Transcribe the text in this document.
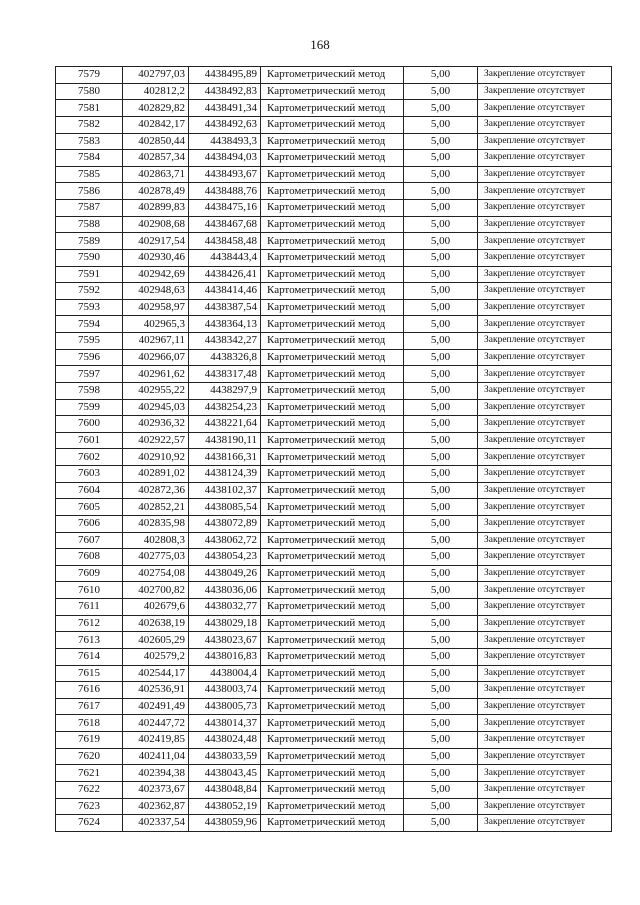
168
7579	402797,03	4438495,89	Картометрический метод	5,00	Закрепление отсутствует
7580	402812,2	4438492,83	Картометрический метод	5,00	Закрепление отсутствует
7581	402829,82	4438491,34	Картометрический метод	5,00	Закрепление отсутствует
7582	402842,17	4438492,63	Картометрический метод	5,00	Закрепление отсутствует
7583	402850,44	4438493,3	Картометрический метод	5,00	Закрепление отсутствует
7584	402857,34	4438494,03	Картометрический метод	5,00	Закрепление отсутствует
7585	402863,71	4438493,67	Картометрический метод	5,00	Закрепление отсутствует
7586	402878,49	4438488,76	Картометрический метод	5,00	Закрепление отсутствует
7587	402899,83	4438475,16	Картометрический метод	5,00	Закрепление отсутствует
7588	402908,68	4438467,68	Картометрический метод	5,00	Закрепление отсутствует
7589	402917,54	4438458,48	Картометрический метод	5,00	Закрепление отсутствует
7590	402930,46	4438443,4	Картометрический метод	5,00	Закрепление отсутствует
7591	402942,69	4438426,41	Картометрический метод	5,00	Закрепление отсутствует
7592	402948,63	4438414,46	Картометрический метод	5,00	Закрепление отсутствует
7593	402958,97	4438387,54	Картометрический метод	5,00	Закрепление отсутствует
7594	402965,3	4438364,13	Картометрический метод	5,00	Закрепление отсутствует
7595	402967,11	4438342,27	Картометрический метод	5,00	Закрепление отсутствует
7596	402966,07	4438326,8	Картометрический метод	5,00	Закрепление отсутствует
7597	402961,62	4438317,48	Картометрический метод	5,00	Закрепление отсутствует
7598	402955,22	4438297,9	Картометрический метод	5,00	Закрепление отсутствует
7599	402945,03	4438254,23	Картометрический метод	5,00	Закрепление отсутствует
7600	402936,32	4438221,64	Картометрический метод	5,00	Закрепление отсутствует
7601	402922,57	4438190,11	Картометрический метод	5,00	Закрепление отсутствует
7602	402910,92	4438166,31	Картометрический метод	5,00	Закрепление отсутствует
7603	402891,02	4438124,39	Картометрический метод	5,00	Закрепление отсутствует
7604	402872,36	4438102,37	Картометрический метод	5,00	Закрепление отсутствует
7605	402852,21	4438085,54	Картометрический метод	5,00	Закрепление отсутствует
7606	402835,98	4438072,89	Картометрический метод	5,00	Закрепление отсутствует
7607	402808,3	4438062,72	Картометрический метод	5,00	Закрепление отсутствует
7608	402775,03	4438054,23	Картометрический метод	5,00	Закрепление отсутствует
7609	402754,08	4438049,26	Картометрический метод	5,00	Закрепление отсутствует
7610	402700,82	4438036,06	Картометрический метод	5,00	Закрепление отсутствует
7611	402679,6	4438032,77	Картометрический метод	5,00	Закрепление отсутствует
7612	402638,19	4438029,18	Картометрический метод	5,00	Закрепление отсутствует
7613	402605,29	4438023,67	Картометрический метод	5,00	Закрепление отсутствует
7614	402579,2	4438016,83	Картометрический метод	5,00	Закрепление отсутствует
7615	402544,17	4438004,4	Картометрический метод	5,00	Закрепление отсутствует
7616	402536,91	4438003,74	Картометрический метод	5,00	Закрепление отсутствует
7617	402491,49	4438005,73	Картометрический метод	5,00	Закрепление отсутствует
7618	402447,72	4438014,37	Картометрический метод	5,00	Закрепление отсутствует
7619	402419,85	4438024,48	Картометрический метод	5,00	Закрепление отсутствует
7620	402411,04	4438033,59	Картометрический метод	5,00	Закрепление отсутствует
7621	402394,38	4438043,45	Картометрический метод	5,00	Закрепление отсутствует
7622	402373,67	4438048,84	Картометрический метод	5,00	Закрепление отсутствует
7623	402362,87	4438052,19	Картометрический метод	5,00	Закрепление отсутствует
7624	402337,54	4438059,96	Картометрический метод	5,00	Закрепление отсутствует
